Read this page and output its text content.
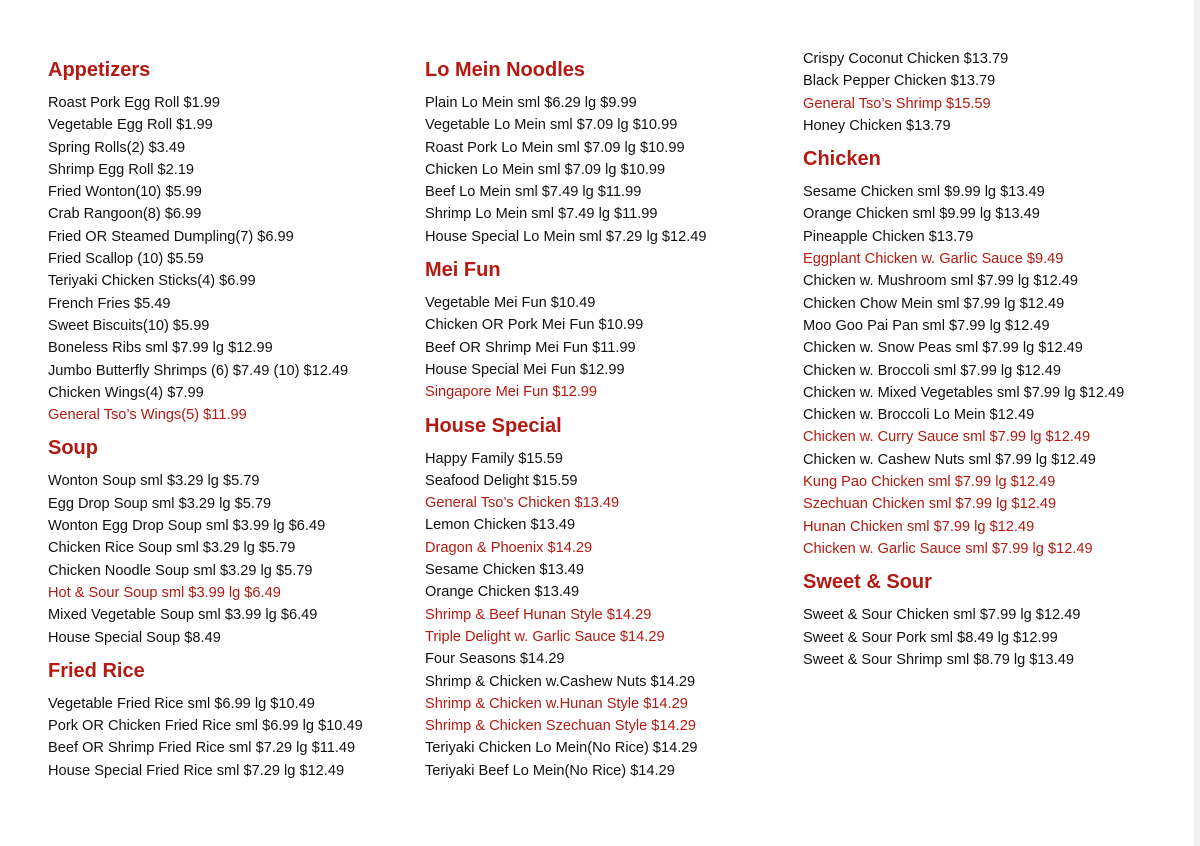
Appetizers
Roast Pork Egg Roll $1.99
Vegetable Egg Roll $1.99
Spring Rolls(2) $3.49
Shrimp Egg Roll $2.19
Fried Wonton(10) $5.99
Crab Rangoon(8) $6.99
Fried OR Steamed Dumpling(7) $6.99
Fried Scallop (10) $5.59
Teriyaki Chicken Sticks(4) $6.99
French Fries $5.49
Sweet Biscuits(10) $5.99
Boneless Ribs sml $7.99 lg $12.99
Jumbo Butterfly Shrimps (6) $7.49 (10) $12.49
Chicken Wings(4) $7.99
General Tso’s Wings(5) $11.99
Soup
Wonton Soup sml $3.29 lg $5.79
Egg Drop Soup sml $3.29 lg $5.79
Wonton Egg Drop Soup sml $3.99 lg $6.49
Chicken Rice Soup sml $3.29 lg $5.79
Chicken Noodle Soup sml $3.29 lg $5.79
Hot & Sour Soup sml $3.99 lg $6.49
Mixed Vegetable Soup sml $3.99 lg $6.49
House Special Soup $8.49
Fried Rice
Vegetable Fried Rice sml $6.99 lg $10.49
Pork OR Chicken Fried Rice sml $6.99 lg $10.49
Beef OR Shrimp Fried Rice sml $7.29 lg $11.49
House Special Fried Rice sml $7.29 lg $12.49
Lo Mein Noodles
Plain Lo Mein sml $6.29 lg $9.99
Vegetable Lo Mein sml $7.09 lg $10.99
Roast Pork Lo Mein sml $7.09 lg $10.99
Chicken Lo Mein sml $7.09 lg $10.99
Beef Lo Mein sml $7.49 lg $11.99
Shrimp Lo Mein sml $7.49 lg $11.99
House Special Lo Mein sml $7.29 lg $12.49
Mei Fun
Vegetable Mei Fun $10.49
Chicken OR Pork Mei Fun $10.99
Beef OR Shrimp Mei Fun $11.99
House Special Mei Fun $12.99
Singapore Mei Fun $12.99
House Special
Happy Family $15.59
Seafood Delight $15.59
General Tso’s Chicken $13.49
Lemon Chicken $13.49
Dragon & Phoenix $14.29
Sesame Chicken $13.49
Orange Chicken $13.49
Shrimp & Beef Hunan Style $14.29
Triple Delight w. Garlic Sauce $14.29
Four Seasons $14.29
Shrimp & Chicken w.Cashew Nuts $14.29
Shrimp & Chicken w.Hunan Style $14.29
Shrimp & Chicken Szechuan Style $14.29
Teriyaki Chicken Lo Mein(No Rice) $14.29
Teriyaki Beef Lo Mein(No Rice) $14.29
Crispy Coconut Chicken $13.79
Black Pepper Chicken $13.79
General Tso’s Shrimp $15.59
Honey Chicken $13.79
Chicken
Sesame Chicken sml $9.99 lg $13.49
Orange Chicken sml $9.99 lg $13.49
Pineapple Chicken $13.79
Eggplant Chicken w. Garlic Sauce $9.49
Chicken w. Mushroom sml $7.99 lg $12.49
Chicken Chow Mein sml $7.99 lg $12.49
Moo Goo Pai Pan sml $7.99 lg $12.49
Chicken w. Snow Peas sml $7.99 lg $12.49
Chicken w. Broccoli sml $7.99 lg $12.49
Chicken w. Mixed Vegetables sml $7.99 lg $12.49
Chicken w. Broccoli Lo Mein $12.49
Chicken w. Curry Sauce sml $7.99 lg $12.49
Chicken w. Cashew Nuts sml $7.99 lg $12.49
Kung Pao Chicken sml $7.99 lg $12.49
Szechuan Chicken sml $7.99 lg $12.49
Hunan Chicken sml $7.99 lg $12.49
Chicken w. Garlic Sauce sml $7.99 lg $12.49
Sweet & Sour
Sweet & Sour Chicken sml $7.99 lg $12.49
Sweet & Sour Pork sml $8.49 lg $12.99
Sweet & Sour Shrimp sml $8.79 lg $13.49
